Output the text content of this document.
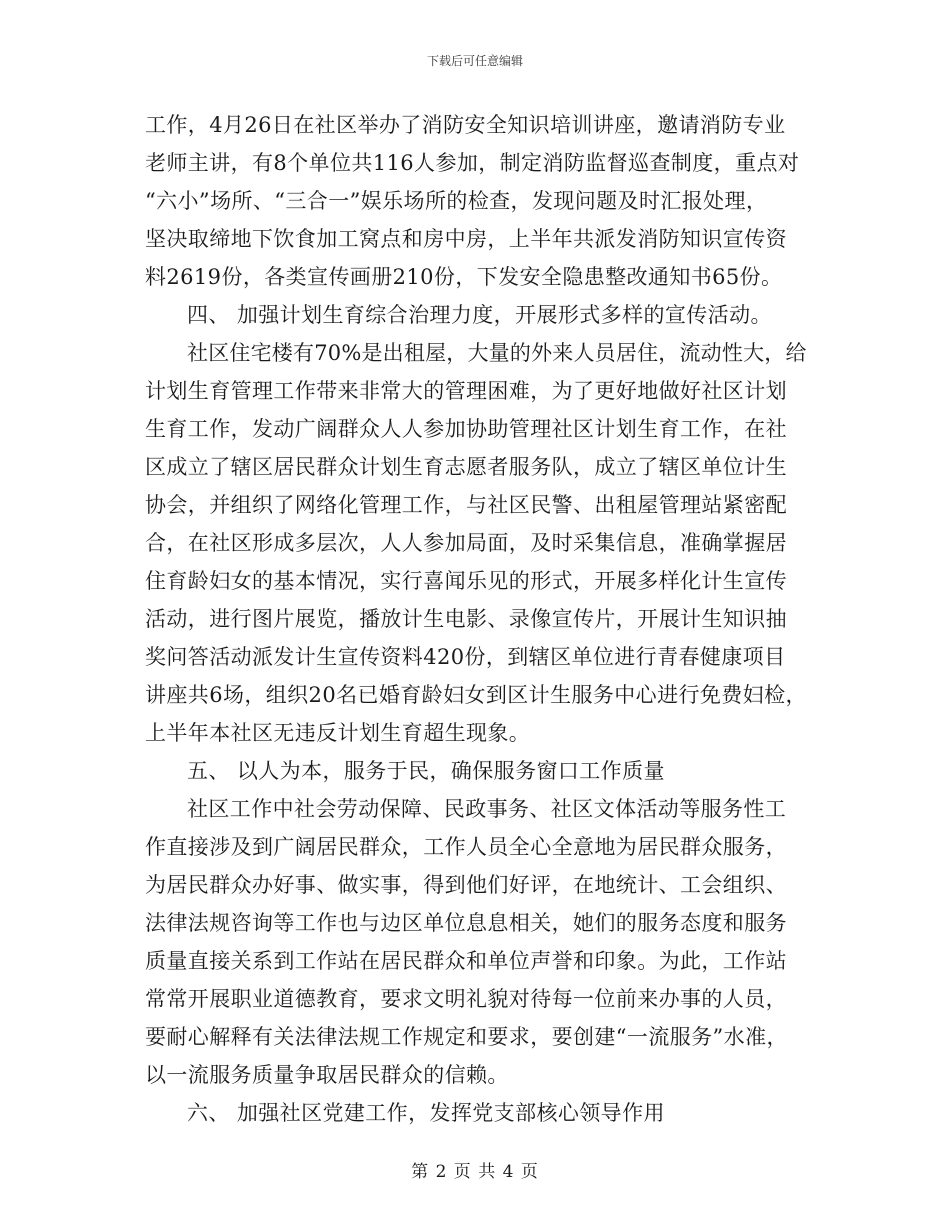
下载后可任意编辑
工作，4月26日在社区举办了消防安全知识培训讲座，邀请消防专业
老师主讲，有8个单位共116人参加，制定消防监督巡查制度，重点对
“六小”场所、“三合一”娱乐场所的检查，发现问题及时汇报处理，
坚决取缔地下饮食加工窝点和房中房，上半年共派发消防知识宣传资
料2619份，各类宣传画册210份，下发安全隐患整改通知书65份。
四、 加强计划生育综合治理力度，开展形式多样的宣传活动。
社区住宅楼有70%是出租屋，大量的外来人员居住，流动性大，给
计划生育管理工作带来非常大的管理困难，为了更好地做好社区计划
生育工作，发动广阔群众人人参加协助管理社区计划生育工作，在社
区成立了辖区居民群众计划生育志愿者服务队，成立了辖区单位计生
协会，并组织了网络化管理工作，与社区民警、出租屋管理站紧密配
合，在社区形成多层次，人人参加局面，及时采集信息，准确掌握居
住育龄妇女的基本情况，实行喜闻乐见的形式，开展多样化计生宣传
活动，进行图片展览，播放计生电影、录像宣传片，开展计生知识抽
奖问答活动派发计生宣传资料420份，到辖区单位进行青春健康项目
讲座共6场，组织20名已婚育龄妇女到区计生服务中心进行免费妇检，
上半年本社区无违反计划生育超生现象。
五、 以人为本，服务于民，确保服务窗口工作质量
社区工作中社会劳动保障、民政事务、社区文体活动等服务性工
作直接涉及到广阔居民群众，工作人员全心全意地为居民群众服务，
为居民群众办好事、做实事，得到他们好评，在地统计、工会组织、
法律法规咨询等工作也与边区单位息息相关，她们的服务态度和服务
质量直接关系到工作站在居民群众和单位声誉和印象。为此，工作站
常常开展职业道德教育，要求文明礼貌对待每一位前来办事的人员，
要耐心解释有关法律法规工作规定和要求，要创建“一流服务”水准，
以一流服务质量争取居民群众的信赖。
六、 加强社区党建工作，发挥党支部核心领导作用
第 2 页 共 4 页
